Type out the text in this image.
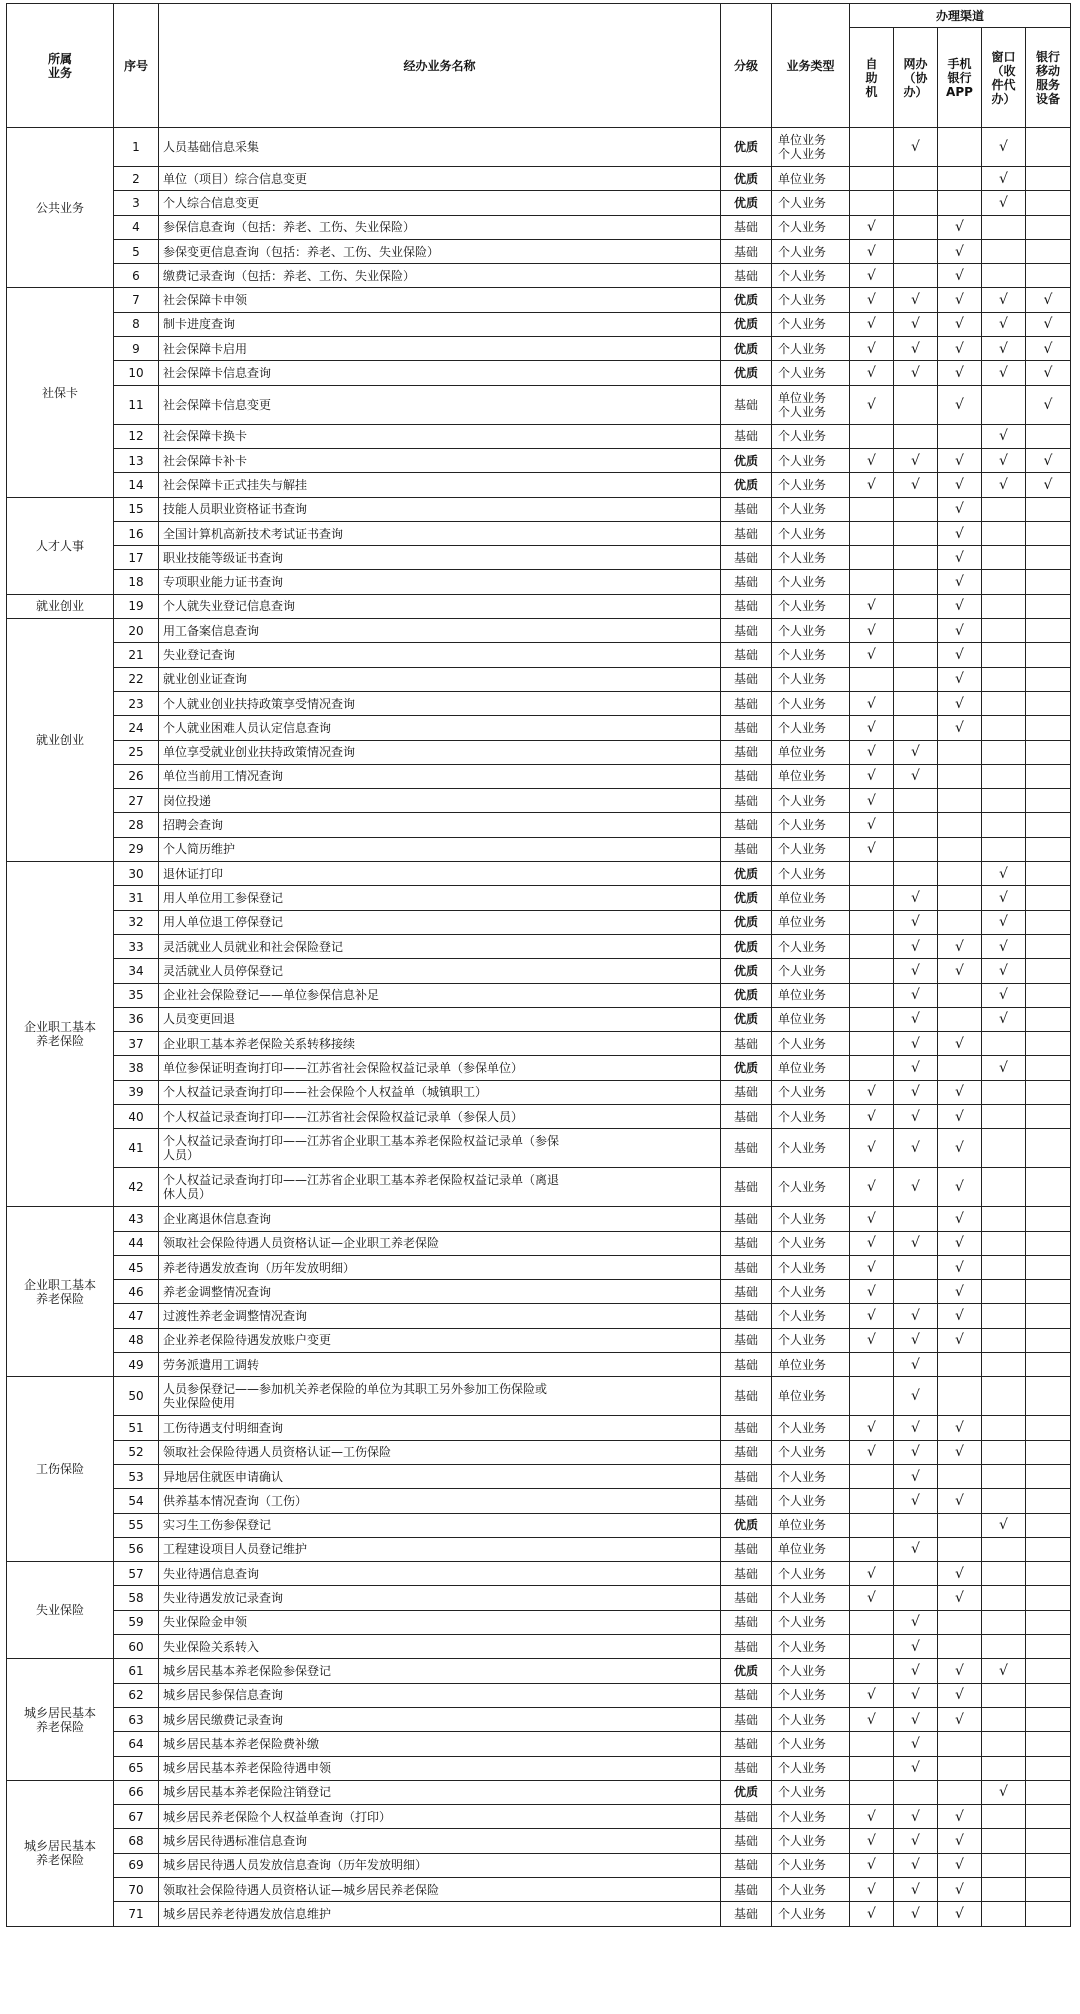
所属
业务	序号	经办业务名称	分级	业务类型	办理渠道				
					自
助
机	网办
（协
办）	手机
银行
APP	窗口
（收
件代
办）	银行
移动
服务
设备
公共业务	1	人员基础信息采集	优质	单位业务
个人业务		√		√	
	2	单位（项目）综合信息变更	优质	单位业务				√	
	3	个人综合信息变更	优质	个人业务				√	
	4	参保信息查询（包括：养老、工伤、失业保险）	基础	个人业务	√		√		
	5	参保变更信息查询（包括：养老、工伤、失业保险）	基础	个人业务	√		√		
	6	缴费记录查询（包括：养老、工伤、失业保险）	基础	个人业务	√		√		
社保卡	7	社会保障卡申领	优质	个人业务	√	√	√	√	√
	8	制卡进度查询	优质	个人业务	√	√	√	√	√
	9	社会保障卡启用	优质	个人业务	√	√	√	√	√
	10	社会保障卡信息查询	优质	个人业务	√	√	√	√	√
	11	社会保障卡信息变更	基础	单位业务
个人业务	√		√		√
	12	社会保障卡换卡	基础	个人业务				√	
	13	社会保障卡补卡	优质	个人业务	√	√	√	√	√
	14	社会保障卡正式挂失与解挂	优质	个人业务	√	√	√	√	√
人才人事	15	技能人员职业资格证书查询	基础	个人业务			√		
	16	全国计算机高新技术考试证书查询	基础	个人业务			√		
	17	职业技能等级证书查询	基础	个人业务			√		
	18	专项职业能力证书查询	基础	个人业务			√		
就业创业	19	个人就失业登记信息查询	基础	个人业务	√		√		
就业创业	20	用工备案信息查询	基础	个人业务	√		√		
	21	失业登记查询	基础	个人业务	√		√		
	22	就业创业证查询	基础	个人业务			√		
	23	个人就业创业扶持政策享受情况查询	基础	个人业务	√		√		
	24	个人就业困难人员认定信息查询	基础	个人业务	√		√		
	25	单位享受就业创业扶持政策情况查询	基础	单位业务	√	√			
	26	单位当前用工情况查询	基础	单位业务	√	√			
	27	岗位投递	基础	个人业务	√				
	28	招聘会查询	基础	个人业务	√				
	29	个人简历维护	基础	个人业务	√				
企业职工基本
养老保险	30	退休证打印	优质	个人业务				√	
	31	用人单位用工参保登记	优质	单位业务		√		√	
	32	用人单位退工停保登记	优质	单位业务		√		√	
	33	灵活就业人员就业和社会保险登记	优质	个人业务		√	√	√	
	34	灵活就业人员停保登记	优质	个人业务		√	√	√	
	35	企业社会保险登记——单位参保信息补足	优质	单位业务		√		√	
	36	人员变更回退	优质	单位业务		√		√	
	37	企业职工基本养老保险关系转移接续	基础	个人业务		√	√		
	38	单位参保证明查询打印——江苏省社会保险权益记录单（参保单位）	优质	单位业务		√		√	
	39	个人权益记录查询打印——社会保险个人权益单（城镇职工）	基础	个人业务	√	√	√		
	40	个人权益记录查询打印——江苏省社会保险权益记录单（参保人员）	基础	个人业务	√	√	√		
	41	个人权益记录查询打印——江苏省企业职工基本养老保险权益记录单（参保
人员）	基础	个人业务	√	√	√		
	42	个人权益记录查询打印——江苏省企业职工基本养老保险权益记录单（离退
休人员）	基础	个人业务	√	√	√		
企业职工基本
养老保险	43	企业离退休信息查询	基础	个人业务	√		√		
	44	领取社会保险待遇人员资格认证—企业职工养老保险	基础	个人业务	√	√	√		
	45	养老待遇发放查询（历年发放明细）	基础	个人业务	√		√		
	46	养老金调整情况查询	基础	个人业务	√		√		
	47	过渡性养老金调整情况查询	基础	个人业务	√	√	√		
	48	企业养老保险待遇发放账户变更	基础	个人业务	√	√	√		
	49	劳务派遣用工调转	基础	单位业务		√			
工伤保险	50	人员参保登记——参加机关养老保险的单位为其职工另外参加工伤保险或
失业保险使用	基础	单位业务		√			
	51	工伤待遇支付明细查询	基础	个人业务	√	√	√		
	52	领取社会保险待遇人员资格认证—工伤保险	基础	个人业务	√	√	√		
	53	异地居住就医申请确认	基础	个人业务		√			
	54	供养基本情况查询（工伤）	基础	个人业务		√	√		
	55	实习生工伤参保登记	优质	单位业务				√	
	56	工程建设项目人员登记维护	基础	单位业务		√			
失业保险	57	失业待遇信息查询	基础	个人业务	√		√		
	58	失业待遇发放记录查询	基础	个人业务	√		√		
	59	失业保险金申领	基础	个人业务		√			
	60	失业保险关系转入	基础	个人业务		√			
城乡居民基本
养老保险	61	城乡居民基本养老保险参保登记	优质	个人业务		√	√	√	
	62	城乡居民参保信息查询	基础	个人业务	√	√	√		
	63	城乡居民缴费记录查询	基础	个人业务	√	√	√		
	64	城乡居民基本养老保险费补缴	基础	个人业务		√			
	65	城乡居民基本养老保险待遇申领	基础	个人业务		√			
城乡居民基本
养老保险	66	城乡居民基本养老保险注销登记	优质	个人业务				√	
	67	城乡居民养老保险个人权益单查询（打印）	基础	个人业务	√	√	√		
	68	城乡居民待遇标准信息查询	基础	个人业务	√	√	√		
	69	城乡居民待遇人员发放信息查询（历年发放明细）	基础	个人业务	√	√	√		
	70	领取社会保险待遇人员资格认证—城乡居民养老保险	基础	个人业务	√	√	√		
	71	城乡居民养老待遇发放信息维护	基础	个人业务	√	√	√		
